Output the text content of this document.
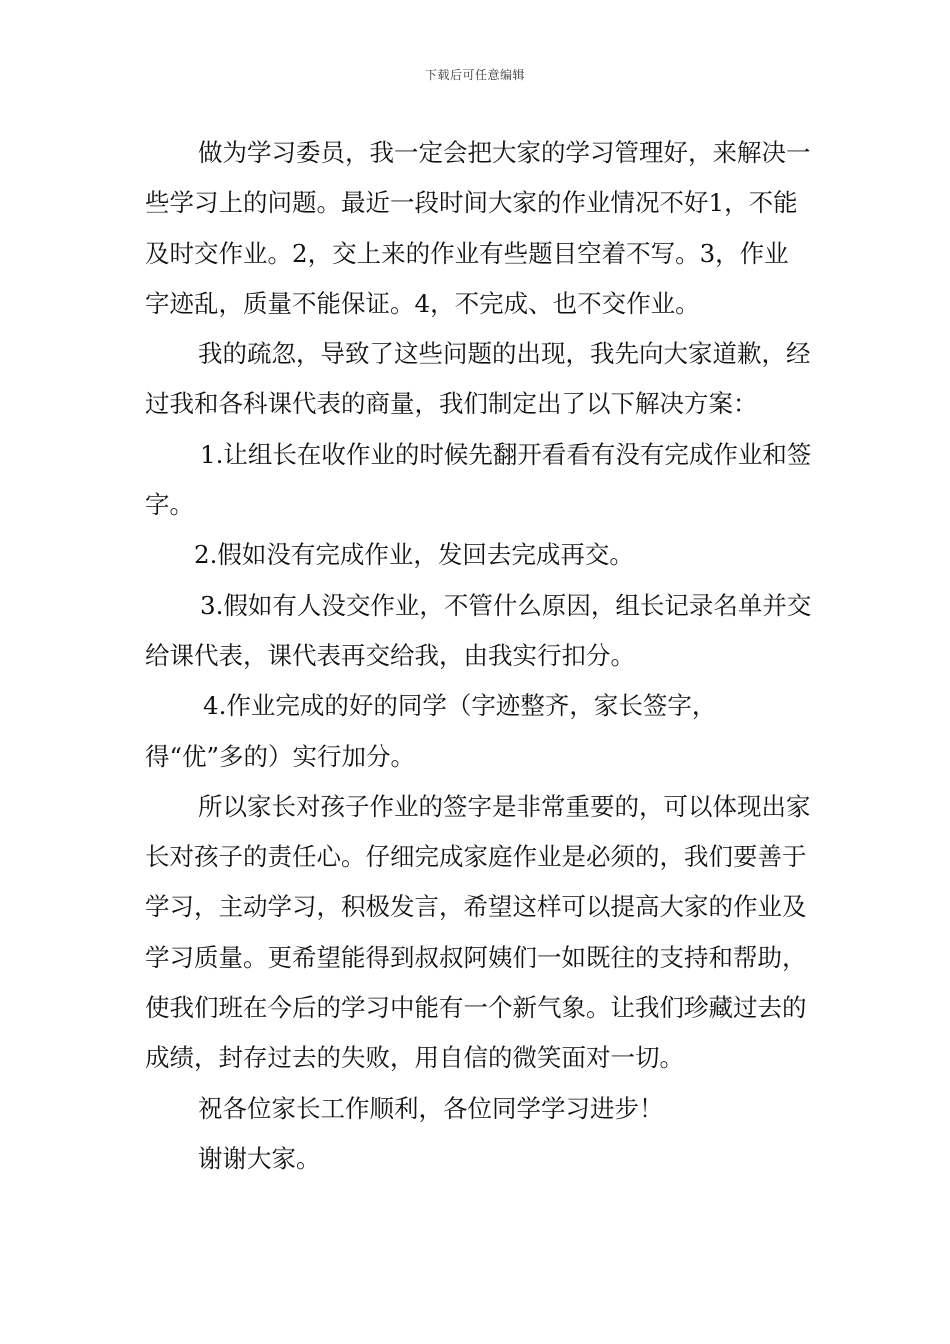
下载后可任意编辑

做为学习委员，我一定会把大家的学习管理好，来解决一些学习上的问题。最近一段时间大家的作业情况不好1，不能及时交作业。2，交上来的作业有些题目空着不写。3，作业字迹乱，质量不能保证。4，不完成、也不交作业。

我的疏忽，导致了这些问题的出现，我先向大家道歉，经过我和各科课代表的商量，我们制定出了以下解决方案：

1.让组长在收作业的时候先翻开看看有没有完成作业和签字。

2.假如没有完成作业，发回去完成再交。

3.假如有人没交作业，不管什么原因，组长记录名单并交给课代表，课代表再交给我，由我实行扣分。

4.作业完成的好的同学（字迹整齐，家长签字，得“优”多的）实行加分。

所以家长对孩子作业的签字是非常重要的，可以体现出家长对孩子的责任心。仔细完成家庭作业是必须的，我们要善于学习，主动学习，积极发言，希望这样可以提高大家的作业及学习质量。更希望能得到叔叔阿姨们一如既往的支持和帮助，使我们班在今后的学习中能有一个新气象。让我们珍藏过去的成绩，封存过去的失败，用自信的微笑面对一切。

祝各位家长工作顺利，各位同学学习进步！

谢谢大家。
